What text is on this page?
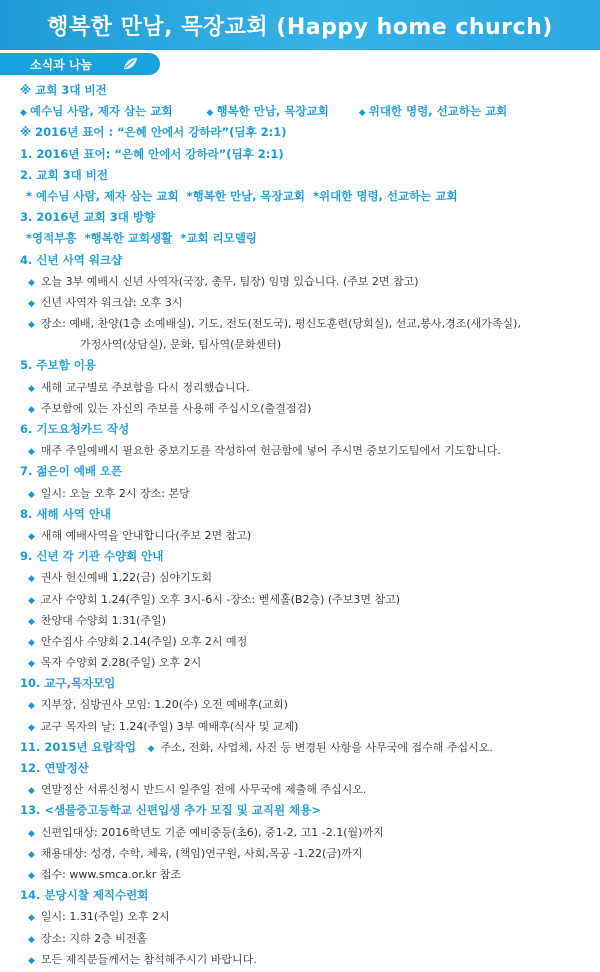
행복한 만남, 목장교회 (Happy home church)
소식과 나눔
※ 교회 3대 비전
◆ 예수님 사람, 제자 삼는 교회	◆ 행복한 만남, 목장교회	◆ 위대한 명령, 선교하는 교회
※ 2016년 표어 : “은혜 안에서 강하라”(딤후 2:1)
1. 2016년 표어: “은혜 안에서 강하라”(딤후 2:1)
2. 교회 3대 비전
* 예수님 사람, 제자 삼는 교회 *행복한 만남, 목장교회 *위대한 명령, 선교하는 교회
3. 2016년 교회 3대 방향
*영적부흥 *행복한 교회생활 *교회 리모델링
4. 신년 사역 워크샵
◆ 오늘 3부 예배시 신년 사역자(국장, 총무, 팀장) 임명 있습니다. (주보 2면 참고)
◆ 신년 사역자 워크샵: 오후 3시
◆ 장소: 예배, 찬양(1층 소예배실), 기도, 전도(전도국), 평신도훈련(당회실), 선교,봉사,경조(새가족실),
가정사역(상담실), 문화, 팀사역(문화센터)
5. 주보함 이용
◆ 새해 교구별로 주보함을 다시 정리했습니다.
◆ 주보함에 있는 자신의 주보를 사용해 주십시오(출결점검)
6. 기도요청카드 작성
◆ 매주 주일예배시 필요한 중보기도를 작성하여 헌금함에 넣어 주시면 중보기도팀에서 기도합니다.
7. 젊은이 예배 오픈
◆ 일시: 오늘 오후 2시 장소: 본당
8. 새해 사역 안내
◆ 새해 예배사역을 안내합니다(주보 2면 참고)
9. 신년 각 기관 수양회 안내
◆ 권사 헌신예배 1.22(금) 심야기도회
◆ 교사 수양회 1.24(주일) 오후 3시-6시 -장소: 벧세홀(B2층) (주보3면 참고)
◆ 찬양대 수양회 1.31(주일)
◆ 안수집사 수양회 2.14(주일) 오후 2시 예정
◆ 목자 수양회 2.28(주일) 오후 2시
10. 교구,목자모임
◆ 지부장, 심방권사 모임: 1.20(수) 오전 예배후(교회)
◆ 교구 목자의 날: 1.24(주일) 3부 예배후(식사 및 교제)
11. 2015년 요람작업 ◆ 주소, 전화, 사업체, 사진 등 변경된 사항을 사무국에 접수해 주십시오.
12. 연말정산
◆ 연말정산 서류신청시 반드시 일주일 전에 사무국에 제출해 주십시오.
13. <샘물중고등학교 신편입생 추가 모집 및 교직원 채용>
◆ 신편입대상: 2016학년도 기준 예비중등(초6), 중1-2, 고1 -2.1(월)까지
◆ 채용대상: 성경, 수학, 체육, (책임)연구원, 사회,목공 -1.22(금)까지
◆ 접수: www.smca.or.kr 참조
14. 분당시찰 제직수련회
◆ 일시: 1.31(주일) 오후 2시
◆ 장소: 지하 2층 비전홀
◆ 모든 제직분들께서는 참석해주시기 바랍니다.
